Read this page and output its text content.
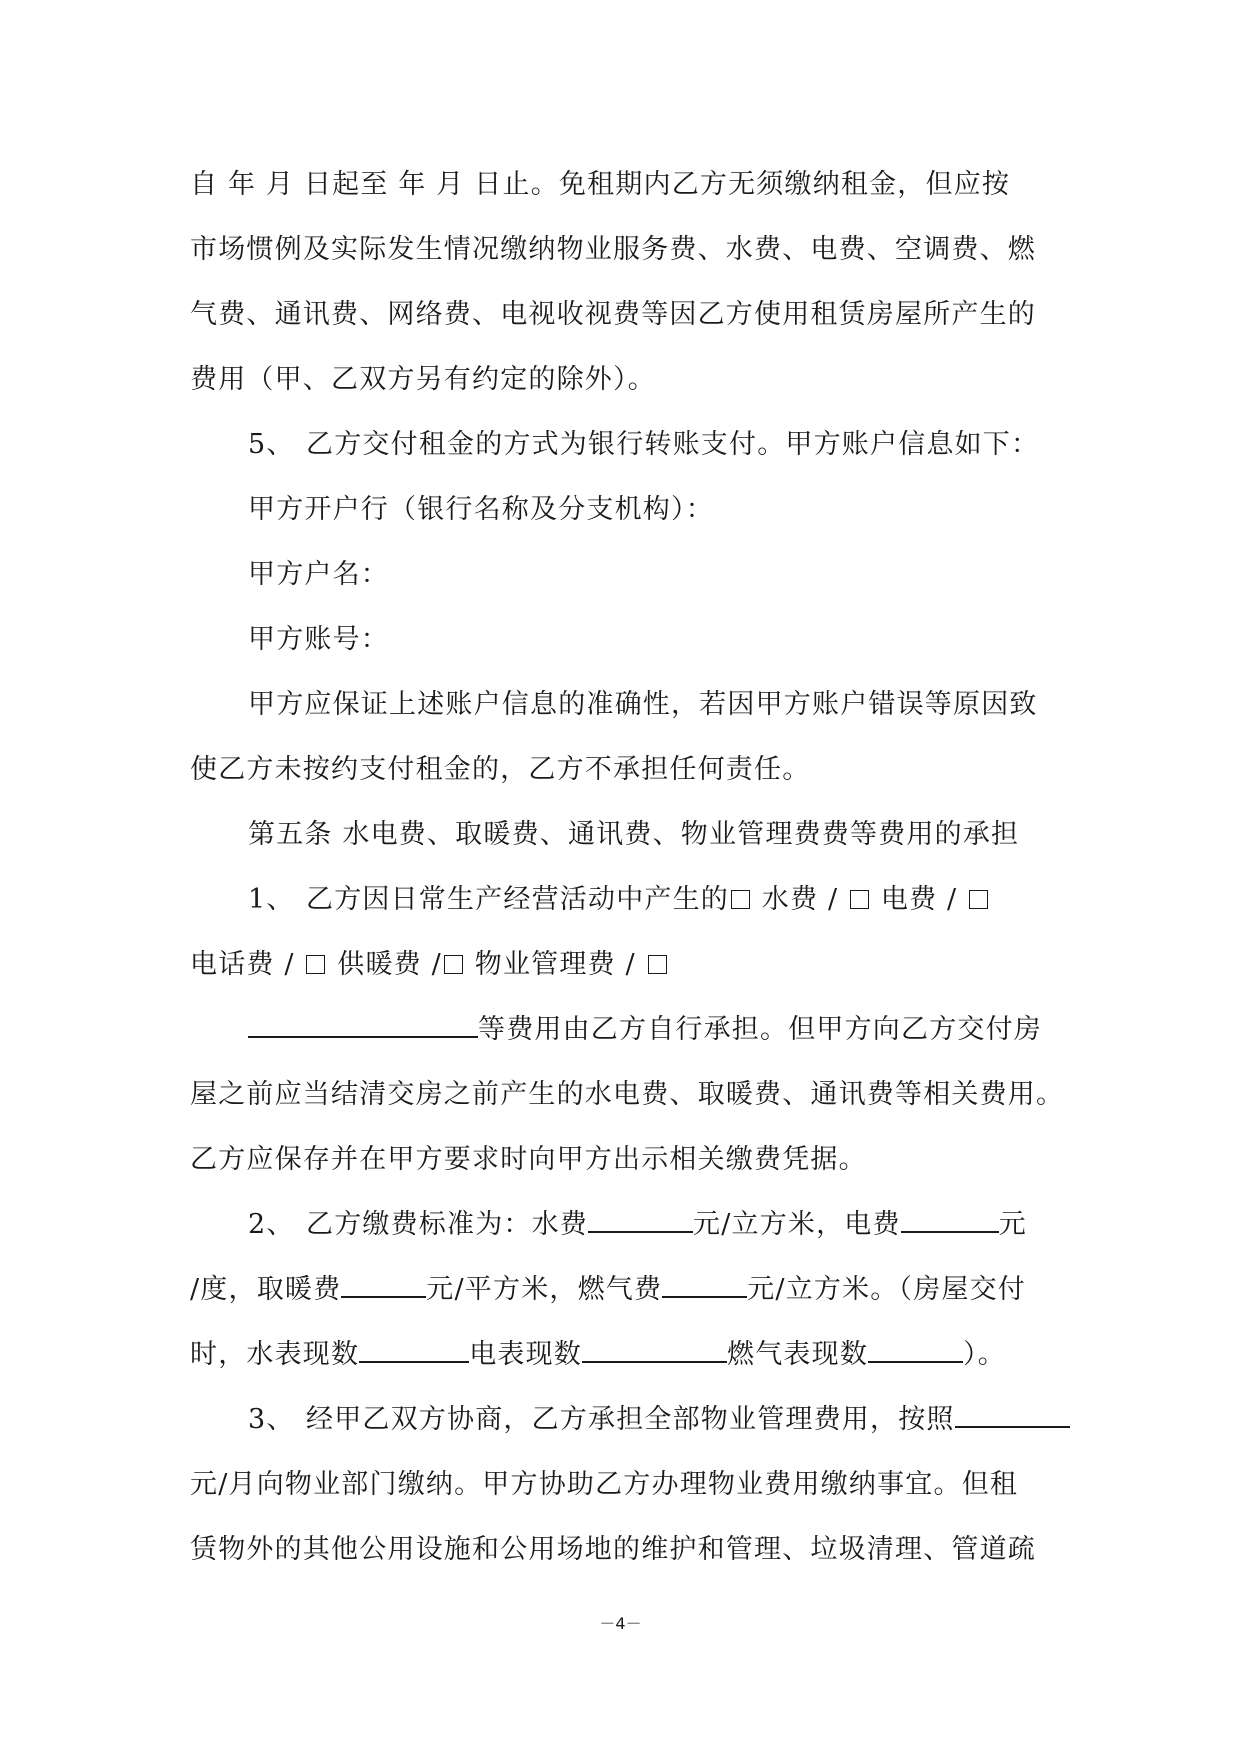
自 年 月 日起至 年 月 日止。免租期内乙方无须缴纳租金，但应按
市场惯例及实际发生情况缴纳物业服务费、水费、电费、空调费、燃
气费、通讯费、网络费、电视收视费等因乙方使用租赁房屋所产生的
费用（甲、乙双方另有约定的除外）。
5、 乙方交付租金的方式为银行转账支付。甲方账户信息如下：
甲方开户行（银行名称及分支机构）：
甲方户名：
甲方账号：
甲方应保证上述账户信息的准确性，若因甲方账户错误等原因致
使乙方未按约支付租金的，乙方不承担任何责任。
第五条 水电费、取暖费、通讯费、物业管理费费等费用的承担
1、 乙方因日常生产经营活动中产生的 水费 /  电费 /
电话费 /  供暖费 / 物业管理费 /
等费用由乙方自行承担。但甲方向乙方交付房
屋之前应当结清交房之前产生的水电费、取暖费、通讯费等相关费用。
乙方应保存并在甲方要求时向甲方出示相关缴费凭据。
2、 乙方缴费标准为：水费	元/立方米，电费	元
/度，取暖费	元/平方米，燃气费	元/立方米。（房屋交付
时，水表现数	电表现数	燃气表现数	）。
3、 经甲乙双方协商，乙方承担全部物业管理费用，按照
元/月向物业部门缴纳。甲方协助乙方办理物业费用缴纳事宜。但租
赁物外的其他公用设施和公用场地的维护和管理、垃圾清理、管道疏
－4－
